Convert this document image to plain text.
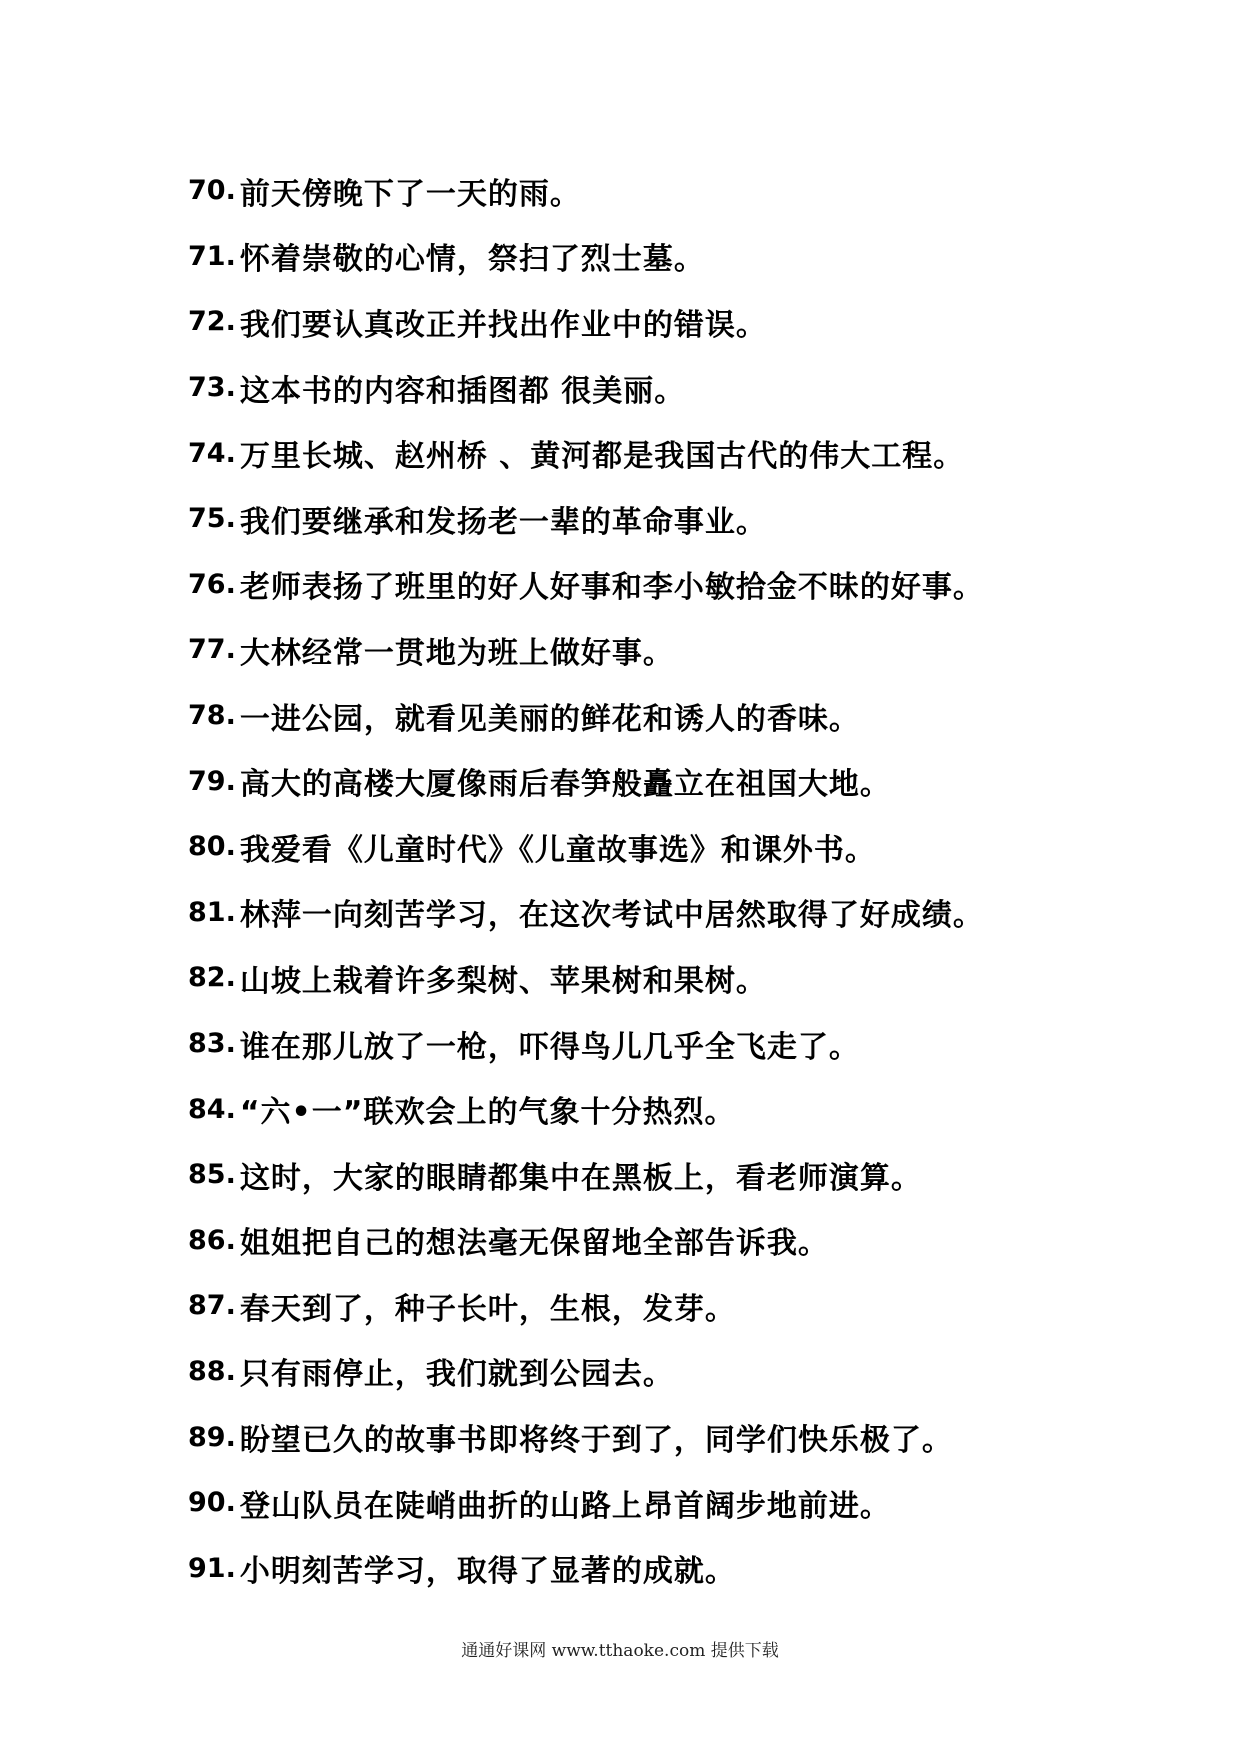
70 . 前天傍晚下了一天的雨。
71 . 怀着崇敬的心情，祭扫了烈士墓。
72 . 我们要认真改正并找出作业中的错误。
73 . 这本书的内容和插图都 很美丽。
74 . 万里长城、赵州桥 、黄河都是我国古代的伟大工程。
75 . 我们要继承和发扬老一辈的革命事业。
76 . 老师表扬了班里的好人好事和李小敏拾金不昧的好事。
77 . 大林经常一贯地为班上做好事。
78 . 一进公园，就看见美丽的鲜花和诱人的香味。
79 . 高大的高楼大厦像雨后春笋般矗立在祖国大地。
80 . 我爱看《儿童时代》《儿童故事选》和课外书。
81 . 林萍一向刻苦学习，在这次考试中居然取得了好成绩。
82 . 山坡上栽着许多梨树、苹果树和果树。
83 . 谁在那儿放了一枪，吓得鸟儿几乎全飞走了。
84 . “六•一”联欢会上的气象十分热烈。
85 . 这时，大家的眼睛都集中在黑板上，看老师演算。
86 . 姐姐把自己的想法毫无保留地全部告诉我。
87 . 春天到了，种子长叶，生根，发芽。
88 . 只有雨停止，我们就到公园去。
89 . 盼望已久的故事书即将终于到了，同学们快乐极了。
90 . 登山队员在陡峭曲折的山路上昂首阔步地前进。
91 . 小明刻苦学习，取得了显著的成就。
通通好课网 www.tthaoke.com 提供下载
